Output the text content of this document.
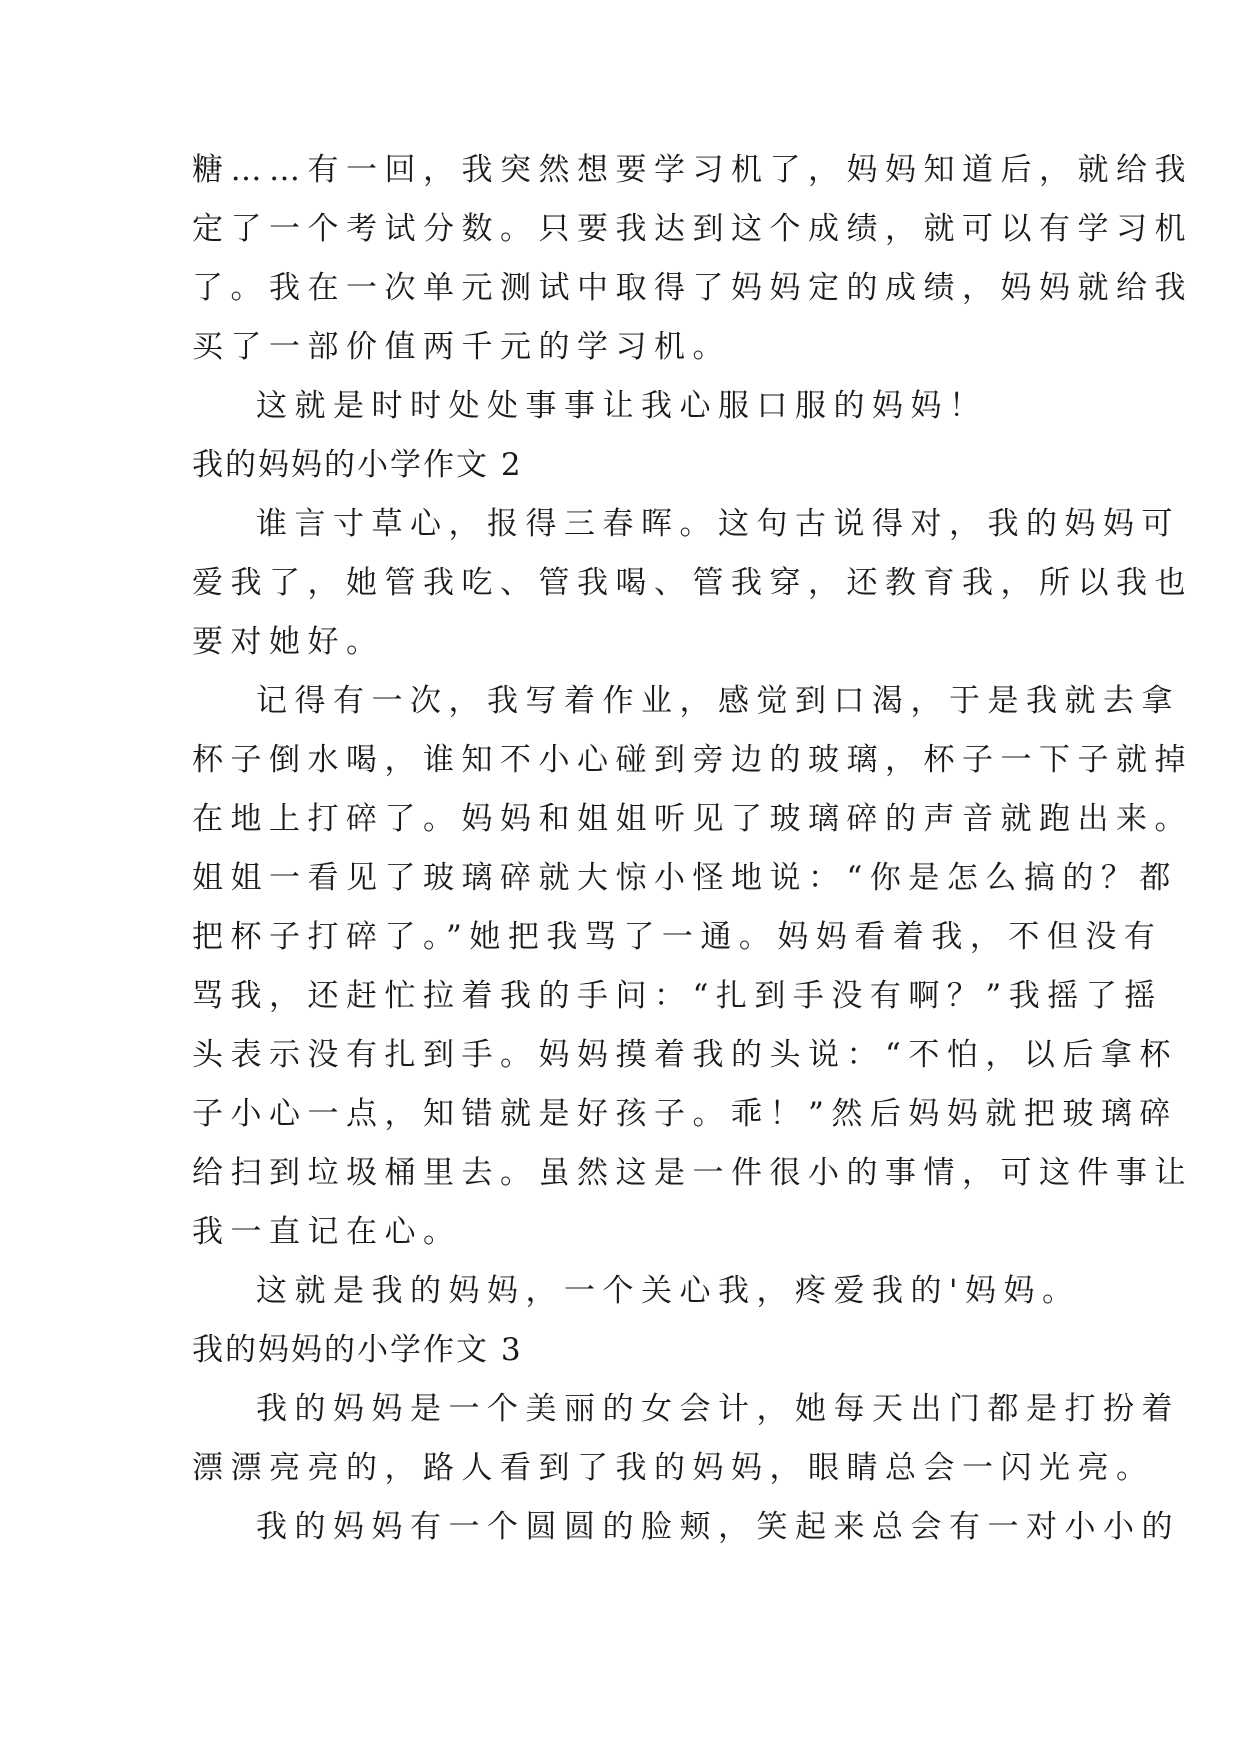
糖……有一回，我突然想要学习机了，妈妈知道后，就给我
定了一个考试分数。只要我达到这个成绩，就可以有学习机
了。我在一次单元测试中取得了妈妈定的成绩，妈妈就给我
买了一部价值两千元的学习机。
这就是时时处处事事让我心服口服的妈妈！
我的妈妈的小学作文 2
谁言寸草心，报得三春晖。这句古说得对，我的妈妈可
爱我了，她管我吃、管我喝、管我穿，还教育我，所以我也
要对她好。
记得有一次，我写着作业，感觉到口渴，于是我就去拿
杯子倒水喝，谁知不小心碰到旁边的玻璃，杯子一下子就掉
在地上打碎了。妈妈和姐姐听见了玻璃碎的声音就跑出来。
姐姐一看见了玻璃碎就大惊小怪地说：“你是怎么搞的？都
把杯子打碎了。”她把我骂了一通。妈妈看着我，不但没有
骂我，还赶忙拉着我的手问：“扎到手没有啊？”我摇了摇
头表示没有扎到手。妈妈摸着我的头说：“不怕，以后拿杯
子小心一点，知错就是好孩子。乖！”然后妈妈就把玻璃碎
给扫到垃圾桶里去。虽然这是一件很小的事情，可这件事让
我一直记在心。
这就是我的妈妈，一个关心我，疼爱我的'妈妈。
我的妈妈的小学作文 3
我的妈妈是一个美丽的女会计，她每天出门都是打扮着
漂漂亮亮的，路人看到了我的妈妈，眼睛总会一闪光亮。
我的妈妈有一个圆圆的脸颊，笑起来总会有一对小小的
